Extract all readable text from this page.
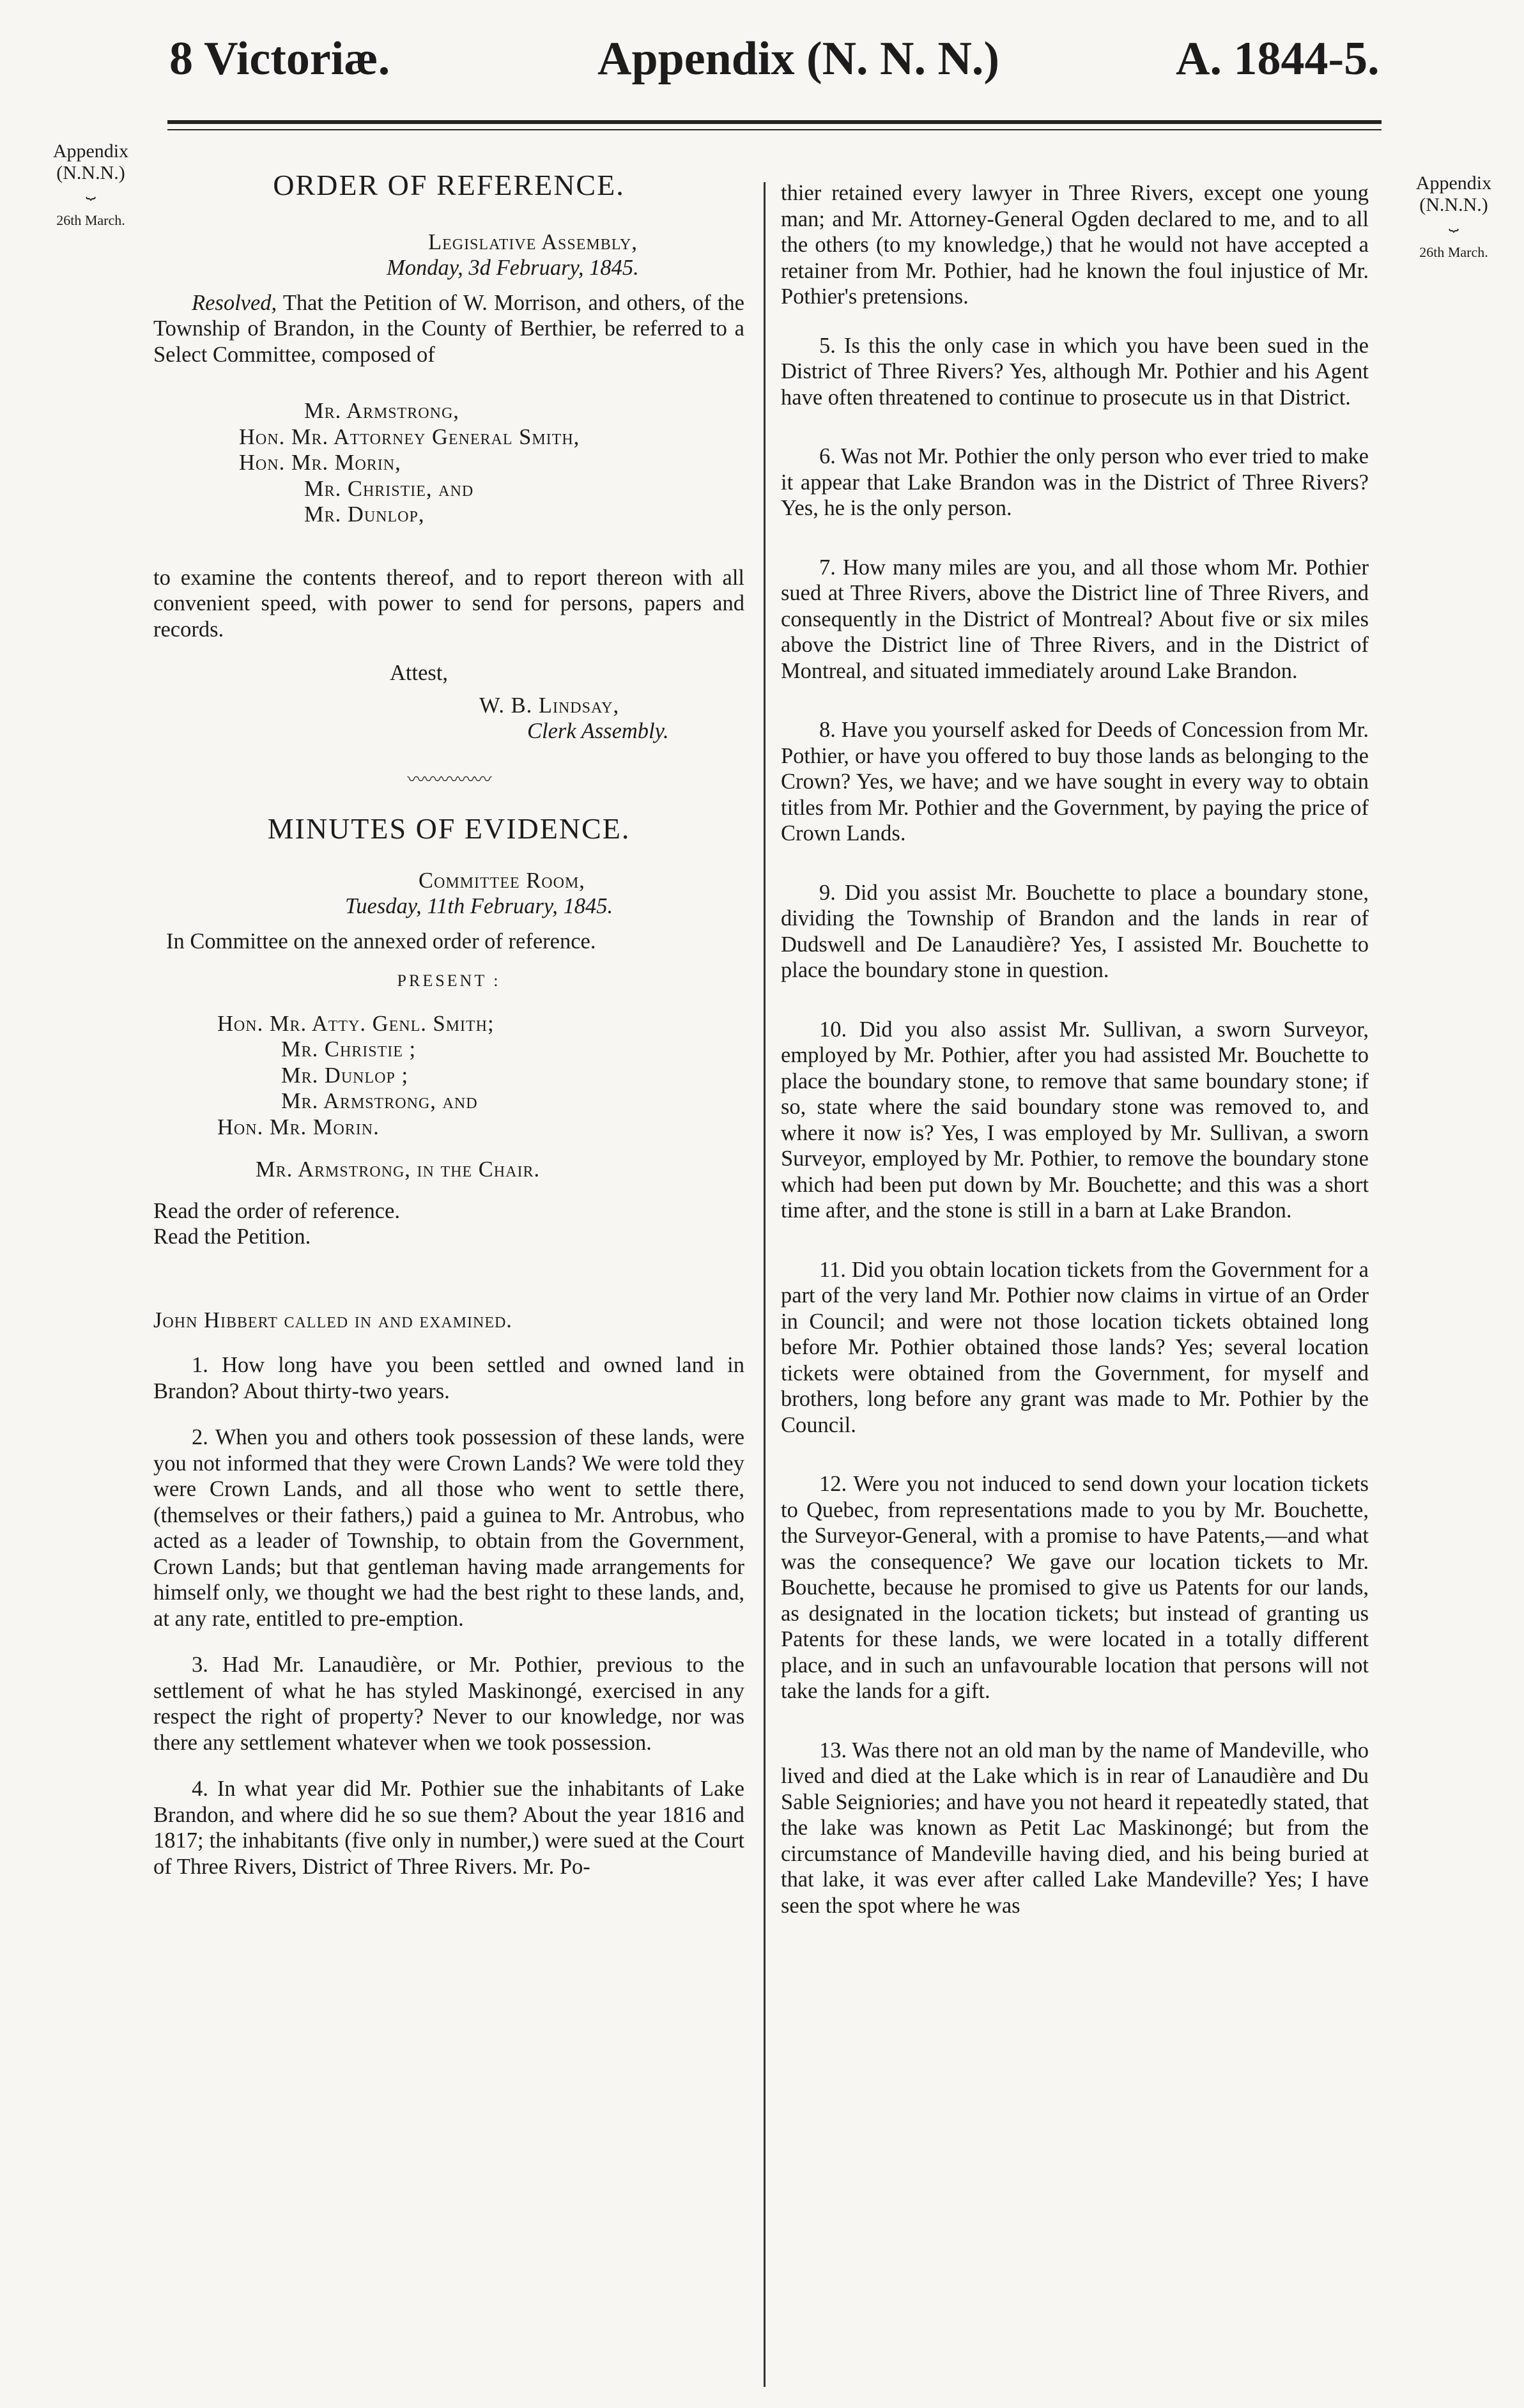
8 Victoriæ.	Appendix (N. N. N.)	A. 1844-5.
Appendix
(N.N.N.)
⏟
26th March.
Appendix
(N.N.N.)
⏟
26th March.

ORDER OF REFERENCE.

Legislative Assembly,

Monday, 3d February, 1845.

Resolved, That the Petition of W. Morrison, and others, of the Township of Brandon, in the County of Berthier, be referred to a Select Committee, composed of

Mr. Armstrong,

Hon. Mr. Attorney General Smith,

Hon. Mr. Morin,

Mr. Christie, and

Mr. Dunlop,

to examine the contents thereof, and to report thereon with all convenient speed, with power to send for persons, papers and records.

Attest,

W. B. Lindsay,

Clerk Assembly.

〰〰〰〰〰

MINUTES OF EVIDENCE.

Committee Room,

Tuesday, 11th February, 1845.

In Committee on the annexed order of reference.

PRESENT :

Hon. Mr. Atty. Genl. Smith;

Mr. Christie ;

Mr. Dunlop ;

Mr. Armstrong, and

Hon. Mr. Morin.

Mr. Armstrong, in the Chair.

Read the order of reference.

Read the Petition.

John Hibbert called in and examined.

1. How long have you been settled and owned land in Brandon? About thirty-two years.

2. When you and others took possession of these lands, were you not informed that they were Crown Lands? We were told they were Crown Lands, and all those who went to settle there, (themselves or their fathers,) paid a guinea to Mr. Antrobus, who acted as a leader of Township, to obtain from the Government, Crown Lands; but that gentleman having made arrangements for himself only, we thought we had the best right to these lands, and, at any rate, entitled to pre-emption.

3. Had Mr. Lanaudière, or Mr. Pothier, previous to the settlement of what he has styled Maskinongé, exercised in any respect the right of property? Never to our knowledge, nor was there any settlement whatever when we took possession.

4. In what year did Mr. Pothier sue the inhabitants of Lake Brandon, and where did he so sue them? About the year 1816 and 1817; the inhabitants (five only in number,) were sued at the Court of Three Rivers, District of Three Rivers. Mr. Po-

thier retained every lawyer in Three Rivers, except one young man; and Mr. Attorney-General Ogden declared to me, and to all the others (to my knowledge,) that he would not have accepted a retainer from Mr. Pothier, had he known the foul injustice of Mr. Pothier's pretensions.

5. Is this the only case in which you have been sued in the District of Three Rivers? Yes, although Mr. Pothier and his Agent have often threatened to continue to prosecute us in that District.

6. Was not Mr. Pothier the only person who ever tried to make it appear that Lake Brandon was in the District of Three Rivers? Yes, he is the only person.

7. How many miles are you, and all those whom Mr. Pothier sued at Three Rivers, above the District line of Three Rivers, and consequently in the District of Montreal? About five or six miles above the District line of Three Rivers, and in the District of Montreal, and situated immediately around Lake Brandon.

8. Have you yourself asked for Deeds of Concession from Mr. Pothier, or have you offered to buy those lands as belonging to the Crown? Yes, we have; and we have sought in every way to obtain titles from Mr. Pothier and the Government, by paying the price of Crown Lands.

9. Did you assist Mr. Bouchette to place a boundary stone, dividing the Township of Brandon and the lands in rear of Dudswell and De Lanaudière? Yes, I assisted Mr. Bouchette to place the boundary stone in question.

10. Did you also assist Mr. Sullivan, a sworn Surveyor, employed by Mr. Pothier, after you had assisted Mr. Bouchette to place the boundary stone, to remove that same boundary stone; if so, state where the said boundary stone was removed to, and where it now is? Yes, I was employed by Mr. Sullivan, a sworn Surveyor, employed by Mr. Pothier, to remove the boundary stone which had been put down by Mr. Bouchette; and this was a short time after, and the stone is still in a barn at Lake Brandon.

11. Did you obtain location tickets from the Government for a part of the very land Mr. Pothier now claims in virtue of an Order in Council; and were not those location tickets obtained long before Mr. Pothier obtained those lands? Yes; several location tickets were obtained from the Government, for myself and brothers, long before any grant was made to Mr. Pothier by the Council.

12. Were you not induced to send down your location tickets to Quebec, from representations made to you by Mr. Bouchette, the Surveyor-General, with a promise to have Patents,—and what was the consequence? We gave our location tickets to Mr. Bouchette, because he promised to give us Patents for our lands, as designated in the location tickets; but instead of granting us Patents for these lands, we were located in a totally different place, and in such an unfavourable location that persons will not take the lands for a gift.

13. Was there not an old man by the name of Mandeville, who lived and died at the Lake which is in rear of Lanaudière and Du Sable Seigniories; and have you not heard it repeatedly stated, that the lake was known as Petit Lac Maskinongé; but from the circumstance of Mandeville having died, and his being buried at that lake, it was ever after called Lake Mandeville? Yes; I have seen the spot where he was
